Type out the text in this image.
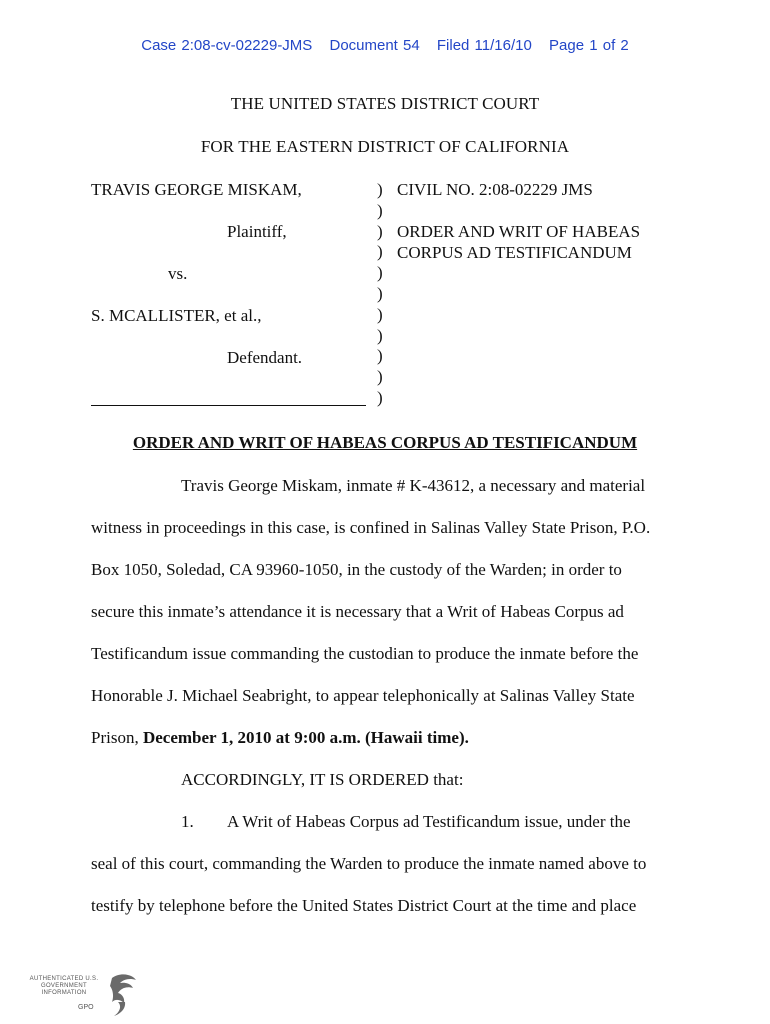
Case 2:08-cv-02229-JMS Document 54 Filed 11/16/10 Page 1 of 2
THE UNITED STATES DISTRICT COURT
FOR THE EASTERN DISTRICT OF CALIFORNIA
TRAVIS GEORGE MISKAM,
Plaintiff,
vs.
S. MCALLISTER, et al.,
Defendant.
)
)
)
)
)
)
)
)
)
)
)
CIVIL NO. 2:08-02229 JMS
ORDER AND WRIT OF HABEAS
CORPUS AD TESTIFICANDUM
ORDER AND WRIT OF HABEAS CORPUS AD TESTIFICANDUM
Travis George Miskam, inmate # K-43612, a necessary and material
witness in proceedings in this case, is confined in Salinas Valley State Prison, P.O.
Box 1050, Soledad, CA 93960-1050, in the custody of the Warden; in order to
secure this inmate’s attendance it is necessary that a Writ of Habeas Corpus ad
Testificandum issue commanding the custodian to produce the inmate before the
Honorable J. Michael Seabright, to appear telephonically at Salinas Valley State
Prison, December 1, 2010 at 9:00 a.m. (Hawaii time).
ACCORDINGLY, IT IS ORDERED that:
1. A Writ of Habeas Corpus ad Testificandum issue, under the
seal of this court, commanding the Warden to produce the inmate named above to
testify by telephone before the United States District Court at the time and place
AUTHENTICATED U.S. GOVERNMENT INFORMATION
GPO
